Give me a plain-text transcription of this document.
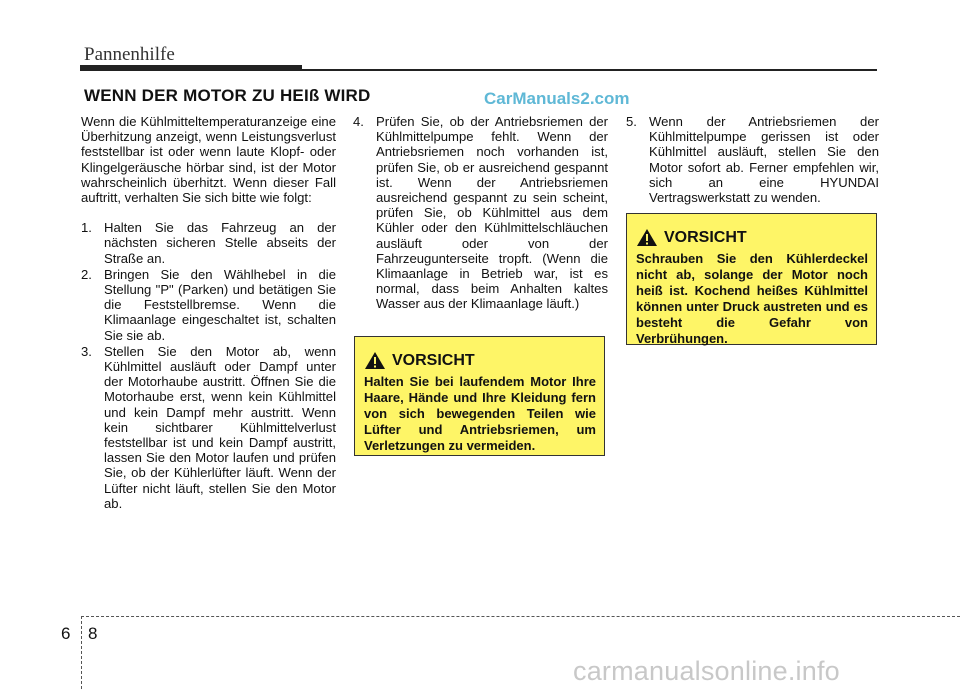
Pannenhilfe
WENN DER MOTOR ZU HEIß WIRD	CarManuals2.com

Wenn die Kühlmitteltemperaturanzeige eine Überhitzung anzeigt, wenn Leistungsverlust feststellbar ist oder wenn laute Klopf- oder Klingelgeräusche hörbar sind, ist der Motor wahrscheinlich überhitzt. Wenn dieser Fall auftritt, verhalten Sie sich bitte wie folgt:

1. Halten Sie das Fahrzeug an der nächsten sicheren Stelle abseits der Straße an.
2. Bringen Sie den Wählhebel in die Stellung "P" (Parken) und betätigen Sie die Feststellbremse. Wenn die Klimaanlage eingeschaltet ist, schalten Sie sie ab.
3. Stellen Sie den Motor ab, wenn Kühlmittel ausläuft oder Dampf unter der Motorhaube austritt. Öffnen Sie die Motorhaube erst, wenn kein Kühlmittel und kein Dampf mehr austritt. Wenn kein sichtbarer Kühlmittelverlust feststellbar ist und kein Dampf austritt, lassen Sie den Motor laufen und prüfen Sie, ob der Kühlerlüfter läuft. Wenn der Lüfter nicht läuft, stellen Sie den Motor ab.
4. Prüfen Sie, ob der Antriebsriemen der Kühlmittelpumpe fehlt. Wenn der Antriebsriemen noch vorhanden ist, prüfen Sie, ob er ausreichend gespannt ist. Wenn der Antriebsriemen ausreichend gespannt zu sein scheint, prüfen Sie, ob Kühlmittel aus dem Kühler oder den Kühlmittelschläuchen ausläuft oder von der Fahrzeugunterseite tropft. (Wenn die Klimaanlage in Betrieb war, ist es normal, dass beim Anhalten kaltes Wasser aus der Klimaanlage läuft.)
5. Wenn der Antriebsriemen der Kühlmittelpumpe gerissen ist oder Kühlmittel ausläuft, stellen Sie den Motor sofort ab. Ferner empfehlen wir, sich an eine HYUNDAI Vertragswerkstatt zu wenden.
VORSICHT
Halten Sie bei laufendem Motor Ihre Haare, Hände und Ihre Kleidung fern von sich bewegenden Teilen wie Lüfter und Antriebsriemen, um Verletzungen zu vermeiden.
VORSICHT
Schrauben Sie den Kühlerdeckel nicht ab, solange der Motor noch heiß ist. Kochend heißes Kühlmittel können unter Druck austreten und es besteht die Gefahr von Verbrühungen.
6 8
carmanualsonline.info
